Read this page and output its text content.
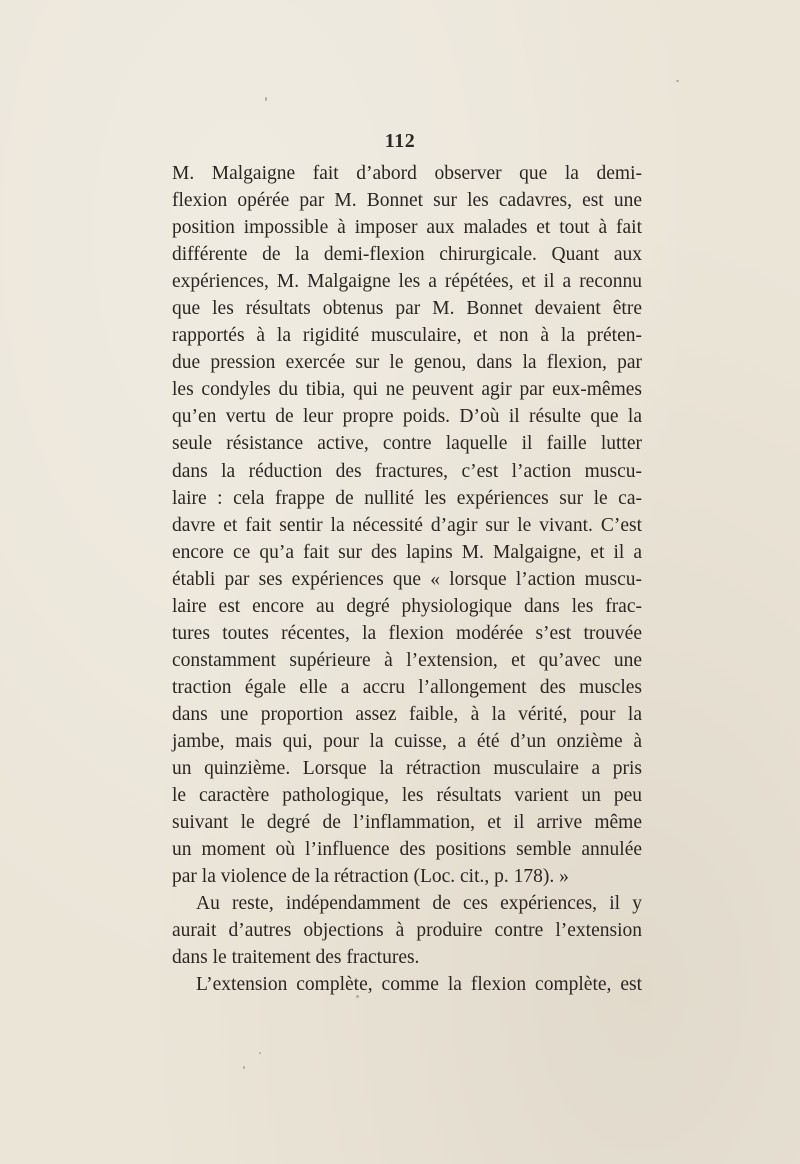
112
M. Malgaigne fait d’abord observer que la demi-
flexion opérée par M. Bonnet sur les cadavres, est une
position impossible à imposer aux malades et tout à fait
différente de la demi-flexion chirurgicale. Quant aux
expériences, M. Malgaigne les a répétées, et il a reconnu
que les résultats obtenus par M. Bonnet devaient être
rapportés à la rigidité musculaire, et non à la préten-
due pression exercée sur le genou, dans la flexion, par
les condyles du tibia, qui ne peuvent agir par eux-mêmes
qu’en vertu de leur propre poids. D’où il résulte que la
seule résistance active, contre laquelle il faille lutter
dans la réduction des fractures, c’est l’action muscu-
laire : cela frappe de nullité les expériences sur le ca-
davre et fait sentir la nécessité d’agir sur le vivant. C’est
encore ce qu’a fait sur des lapins M. Malgaigne, et il a
établi par ses expériences que « lorsque l’action muscu-
laire est encore au degré physiologique dans les frac-
tures toutes récentes, la flexion modérée s’est trouvée
constamment supérieure à l’extension, et qu’avec une
traction égale elle a accru l’allongement des muscles
dans une proportion assez faible, à la vérité, pour la
jambe, mais qui, pour la cuisse, a été d’un onzième à
un quinzième. Lorsque la rétraction musculaire a pris
le caractère pathologique, les résultats varient un peu
suivant le degré de l’inflammation, et il arrive même
un moment où l’influence des positions semble annulée
par la violence de la rétraction (Loc. cit., p. 178). »
Au reste, indépendamment de ces expériences, il y
aurait d’autres objections à produire contre l’extension
dans le traitement des fractures.
L’extension complète, comme la flexion complète, est
